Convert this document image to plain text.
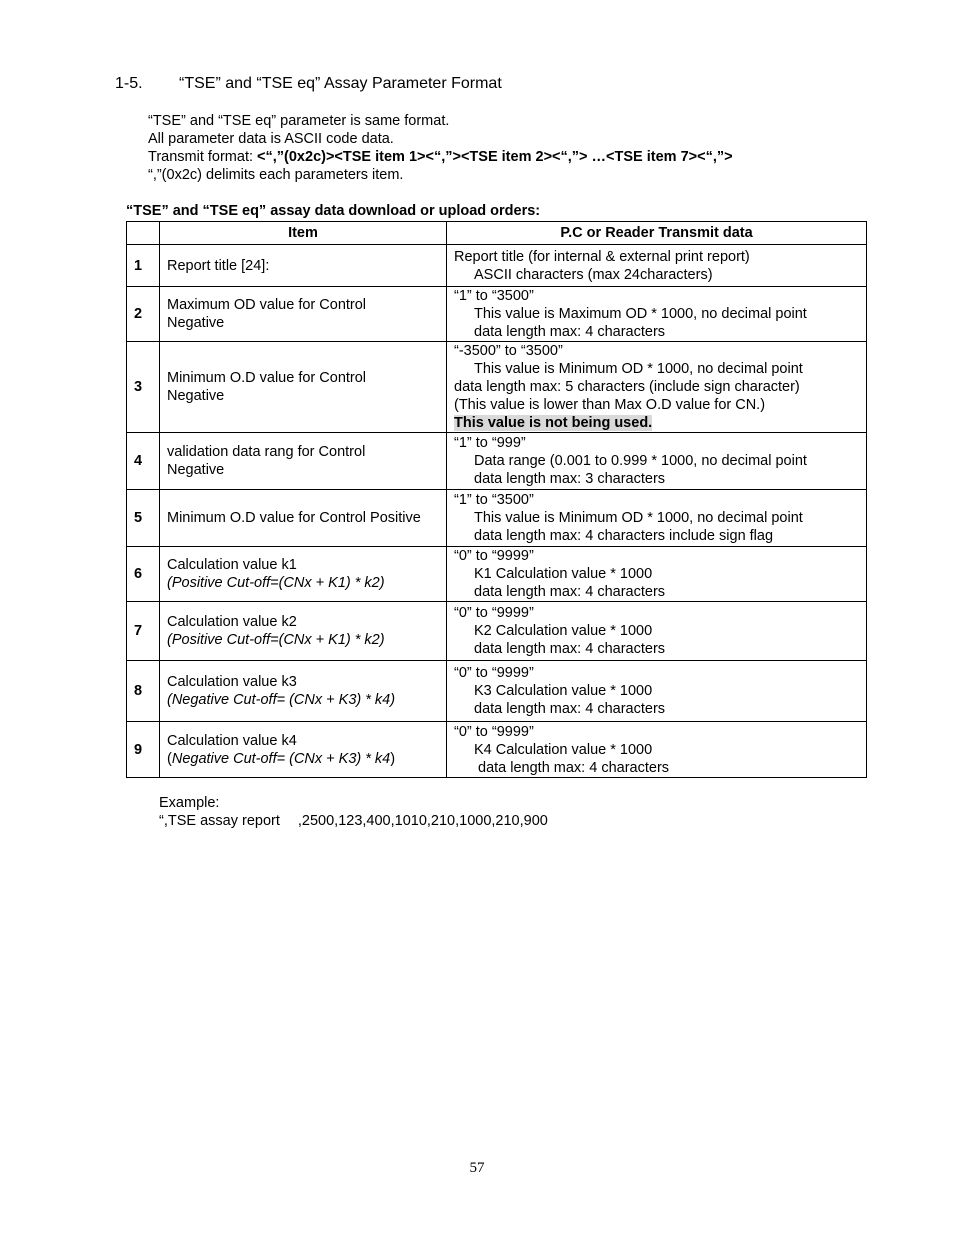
1-5. “TSE” and “TSE eq” Assay Parameter Format
“TSE” and “TSE eq” parameter is same format.
All parameter data is ASCII code data.
Transmit format: <“,”(0x2c)><TSE item 1><“,”><TSE item 2><“,”> …<TSE item 7><“,”>
“,”(0x2c) delimits each parameters item.
“TSE” and “TSE eq” assay data download or upload orders:
	Item	P.C or Reader Transmit data
1	Report title [24]:	Report title (for internal & external print report)
ASCII characters (max 24characters)

2	Maximum OD value for Control
Negative	“1” to “3500”
This value is Maximum OD * 1000, no decimal point
data length max: 4 characters

3	Minimum O.D value for Control
Negative	“-3500” to “3500”
This value is Minimum OD * 1000, no decimal point
data length max: 5 characters (include sign character)
(This value is lower than Max O.D value for CN.)
This value is not being used.
4	validation data rang for Control
Negative	“1” to “999”
Data range (0.001 to 0.999 * 1000, no decimal point
data length max: 3 characters

5	Minimum O.D value for Control Positive	“1” to “3500”
This value is Minimum OD * 1000, no decimal point
data length max: 4 characters include sign flag

6	Calculation value k1
(Positive Cut-off=(CNx + K1) * k2)	“0” to “9999”
K1 Calculation value * 1000
data length max: 4 characters

7	Calculation value k2
(Positive Cut-off=(CNx + K1) * k2)	“0” to “9999”
K2 Calculation value * 1000
data length max: 4 characters

8	Calculation value k3
(Negative Cut-off= (CNx + K3) * k4)	“0” to “9999”
K3 Calculation value * 1000
data length max: 4 characters

9	Calculation value k4
(Negative Cut-off= (CNx + K3) * k4)	“0” to “9999”
K4 Calculation value * 1000
data length max: 4 characters
Example:
“,TSE assay report ,2500,123,400,1010,210,1000,210,900
57
